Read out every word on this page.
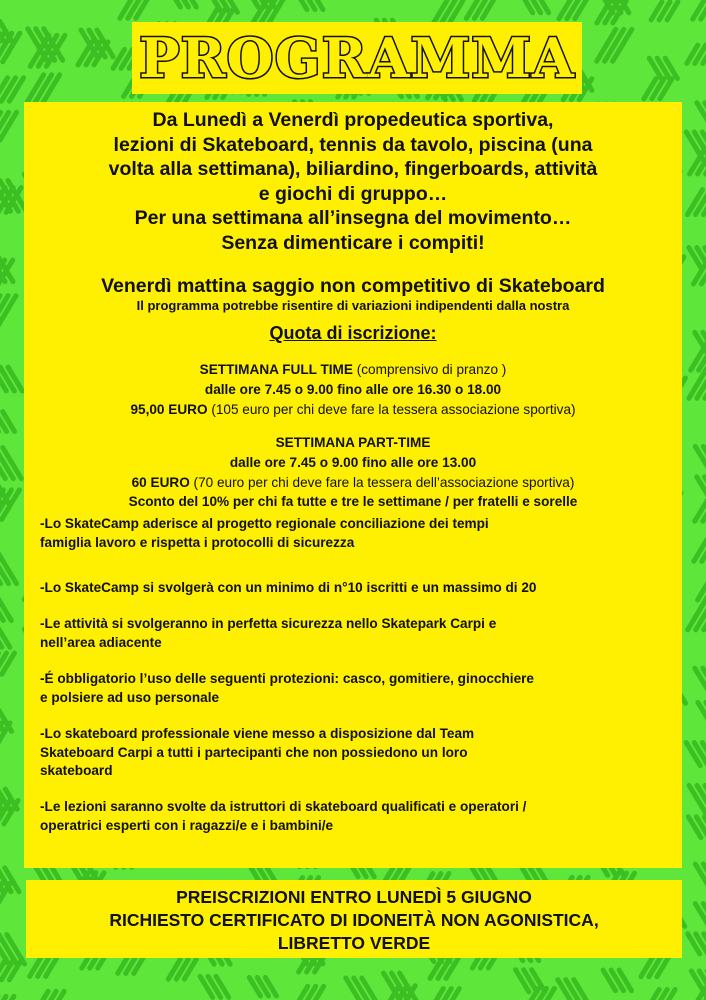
PROGRAMMA
Da Lunedì a Venerdì propedeutica sportiva,
lezioni di Skateboard, tennis da tavolo, piscina (una
volta alla settimana), biliardino, fingerboards, attività
e giochi di gruppo…
Per una settimana all’insegna del movimento…
Senza dimenticare i compiti!
Venerdì mattina saggio non competitivo di Skateboard
Il programma potrebbe risentire di variazioni indipendenti dalla nostra
Quota di iscrizione:
SETTIMANA FULL TIME (comprensivo di pranzo )
dalle ore 7.45 o 9.00 fino alle ore 16.30 o 18.00
95,00 EURO (105 euro per chi deve fare la tessera associazione sportiva)
SETTIMANA PART-TIME
dalle ore 7.45 o 9.00 fino alle ore 13.00
60 EURO (70 euro per chi deve fare la tessera dell’associazione sportiva)
Sconto del 10% per chi fa tutte e tre le settimane / per fratelli e sorelle
-Lo SkateCamp aderisce al progetto regionale conciliazione dei tempi
famiglia lavoro e rispetta i protocolli di sicurezza
-Lo SkateCamp si svolgerà con un minimo di n°10 iscritti e un massimo di 20
-Le attività si svolgeranno in perfetta sicurezza nello Skatepark Carpi e
nell’area adiacente
-É obbligatorio l’uso delle seguenti protezioni: casco, gomitiere, ginocchiere
e polsiere ad uso personale
-Lo skateboard professionale viene messo a disposizione dal Team
Skateboard Carpi a tutti i partecipanti che non possiedono un loro
skateboard
-Le lezioni saranno svolte da istruttori di skateboard qualificati e operatori /
operatrici esperti con i ragazzi/e e i bambini/e
PREISCRIZIONI ENTRO LUNEDÌ 5 GIUGNO
RICHIESTO CERTIFICATO DI IDONEITÀ NON AGONISTICA,
LIBRETTO VERDE
